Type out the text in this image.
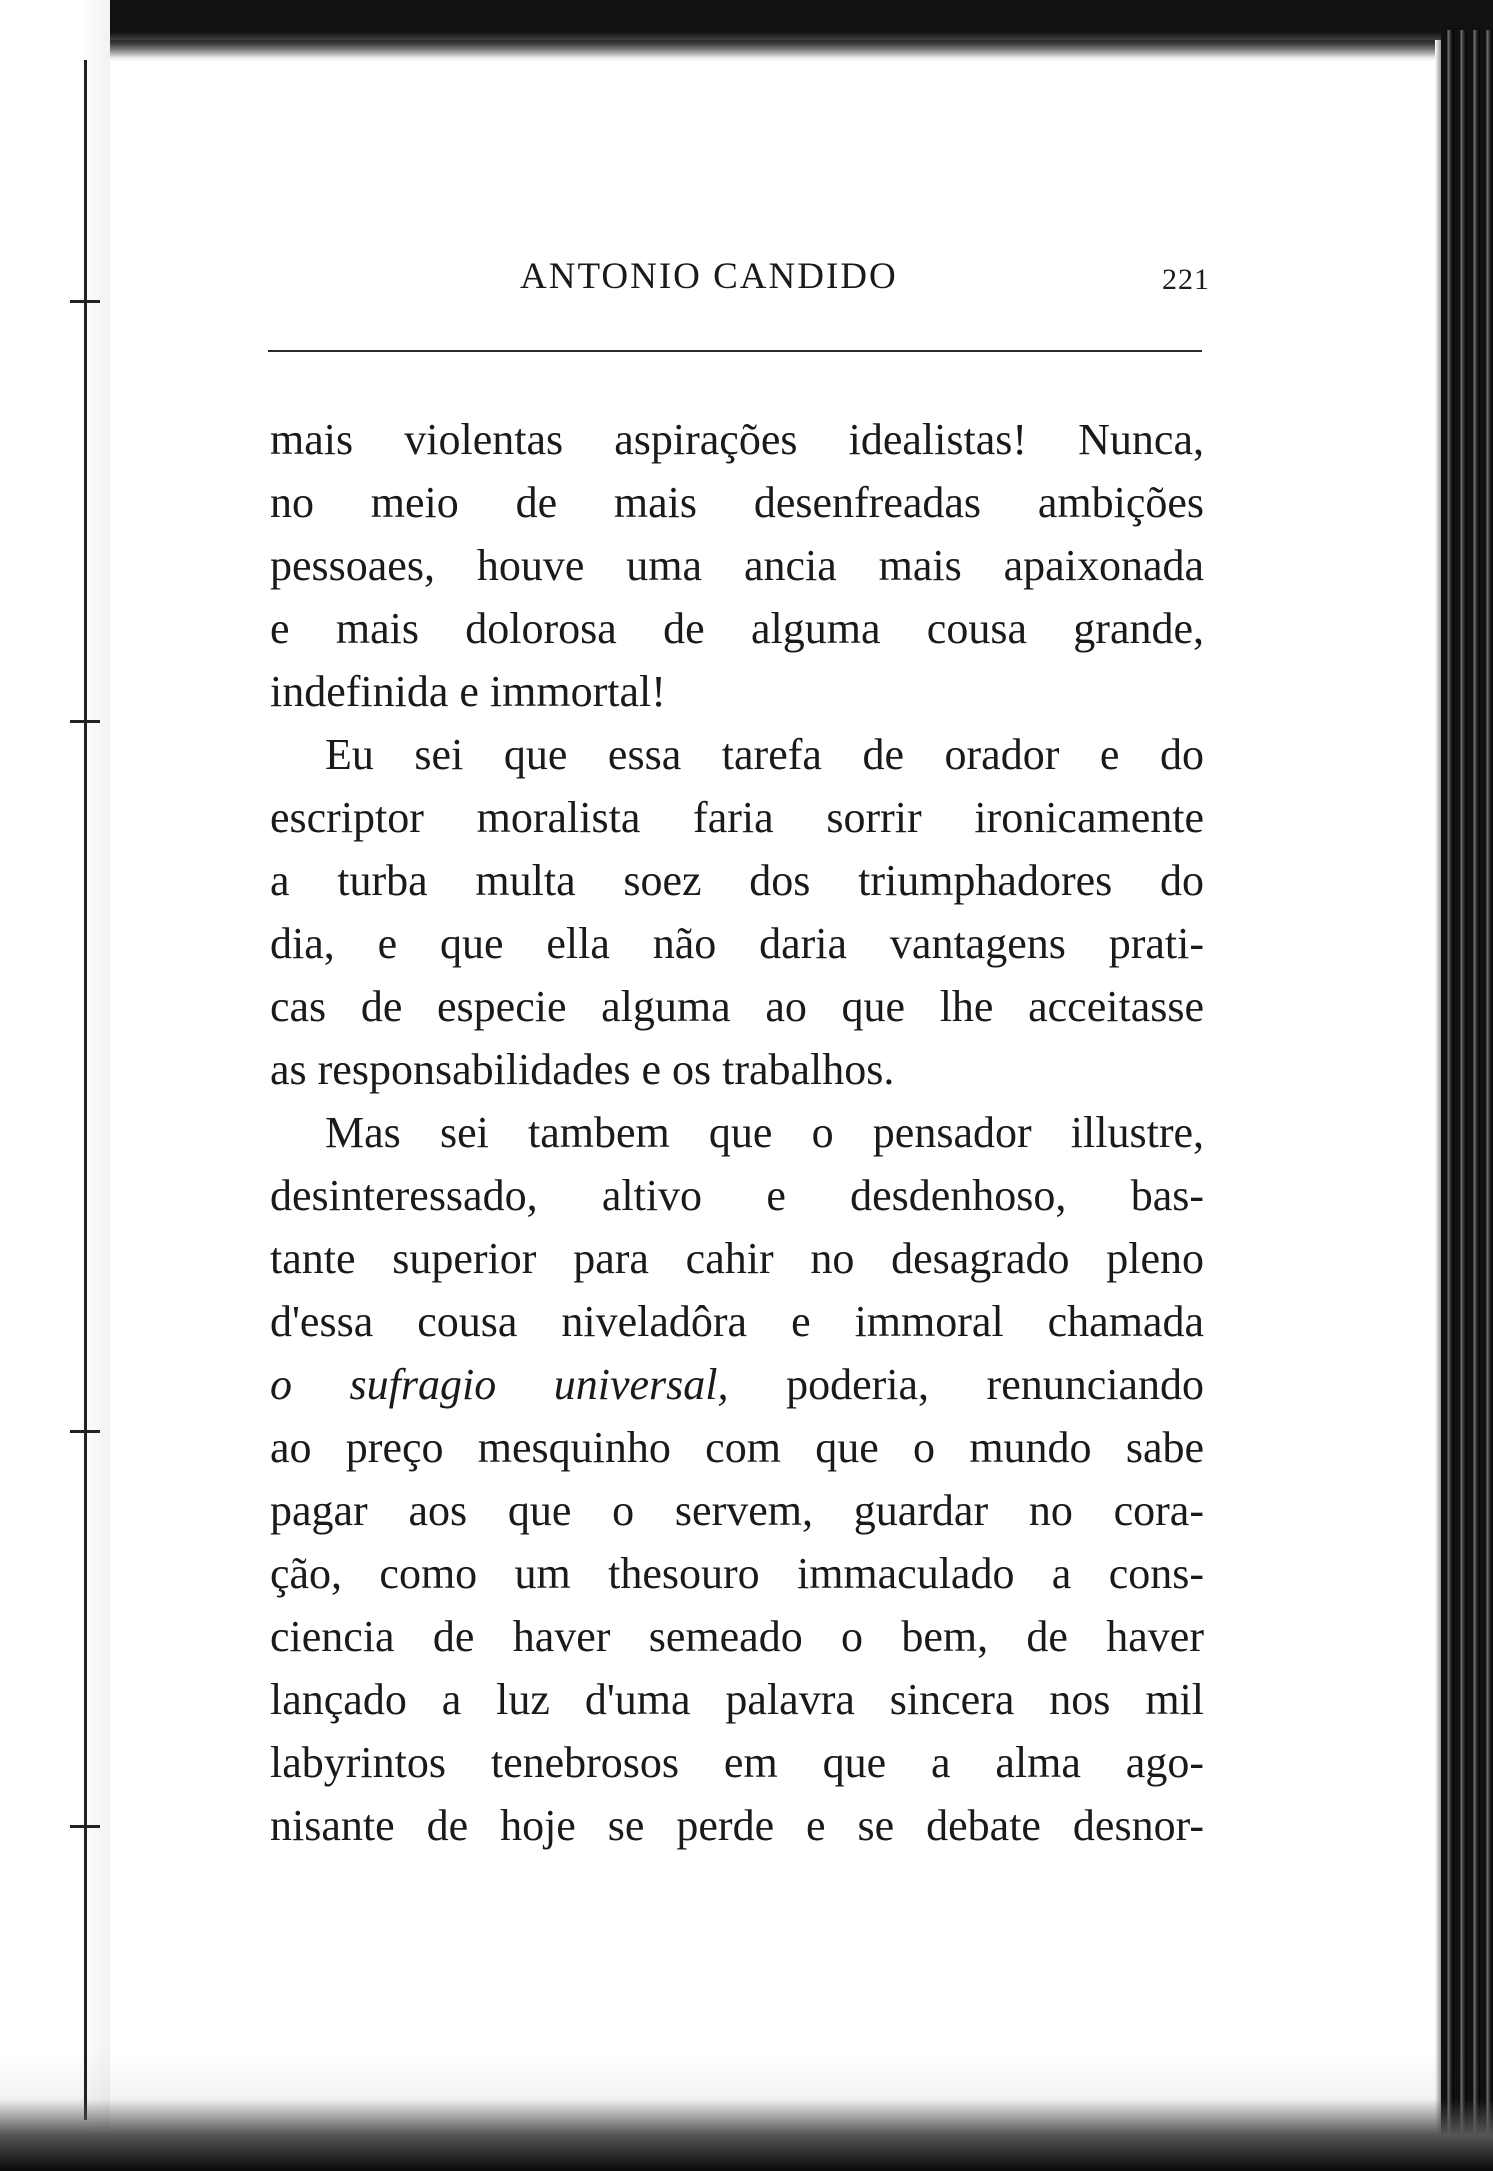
ANTONIO CANDIDO	221
mais violentas aspirações idealistas! Nunca,
no meio de mais desenfreadas ambições
pessoaes, houve uma ancia mais apaixonada
e mais dolorosa de alguma cousa grande,
indefinida e immortal!
Eu sei que essa tarefa de orador e do
escriptor moralista faria sorrir ironicamente
a turba multa soez dos triumphadores do
dia, e que ella não daria vantagens prati-
cas de especie alguma ao que lhe acceitasse
as responsabilidades e os trabalhos.
Mas sei tambem que o pensador illustre,
desinteressado, altivo e desdenhoso, bas-
tante superior para cahir no desagrado pleno
d'essa cousa niveladôra e immoral chamada
o sufragio universal, poderia, renunciando
ao preço mesquinho com que o mundo sabe
pagar aos que o servem, guardar no cora-
ção, como um thesouro immaculado a cons-
ciencia de haver semeado o bem, de haver
lançado a luz d'uma palavra sincera nos mil
labyrintos tenebrosos em que a alma ago-
nisante de hoje se perde e se debate desnor-
